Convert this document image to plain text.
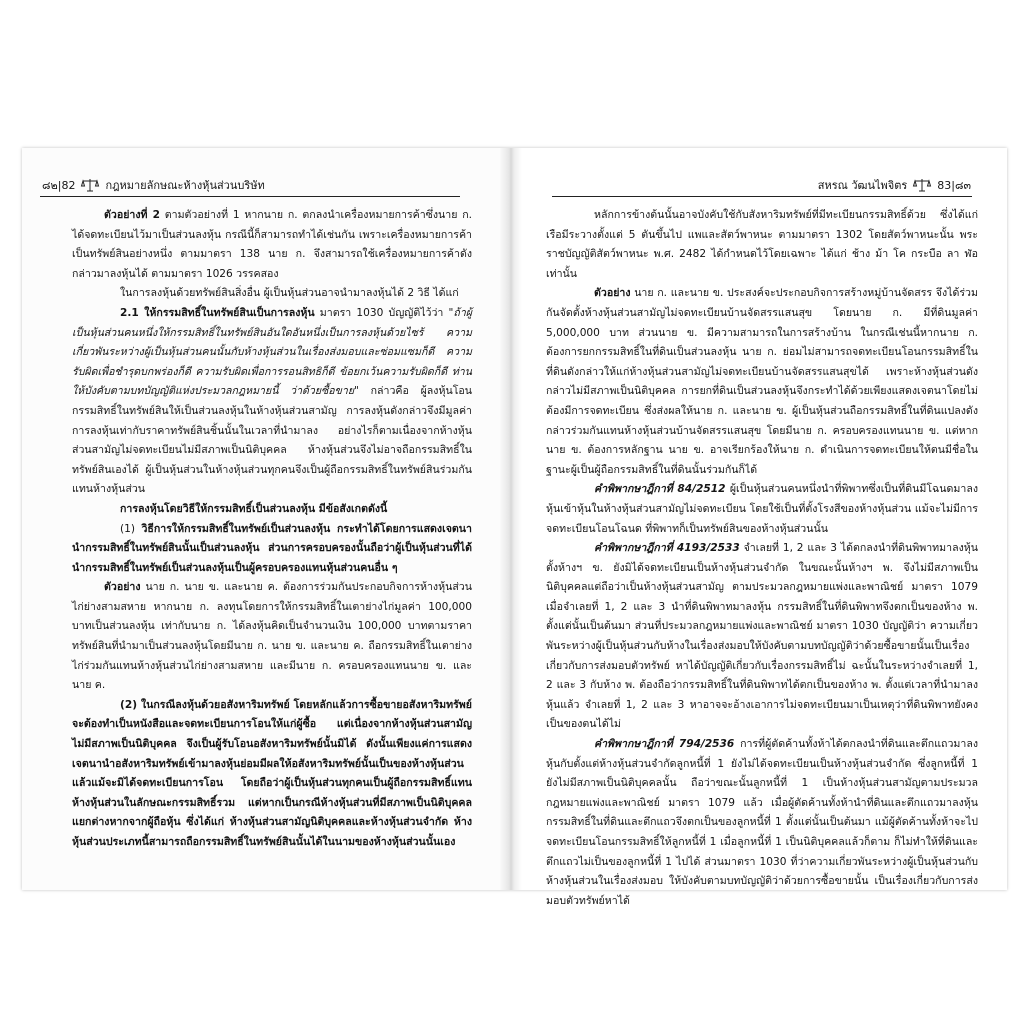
๘๒|82	กฎหมายลักษณะห้างหุ้นส่วนบริษัท

ตัวอย่างที่ 2 ตามตัวอย่างที่ 1 หากนาย ก. ตกลงนำเครื่องหมายการค้าซึ่งนาย ก. ได้จดทะเบียนไว้มาเป็นส่วนลงหุ้น กรณีนี้ก็สามารถทำได้เช่นกัน เพราะเครื่องหมายการค้าเป็นทรัพย์สินอย่างหนึ่ง ตามมาตรา 138 นาย ก. จึงสามารถใช้เครื่องหมายการค้าดังกล่าวมาลงหุ้นได้ ตามมาตรา 1026 วรรคสอง

ในการลงหุ้นด้วยทรัพย์สินสิ่งอื่น ผู้เป็นหุ้นส่วนอาจนำมาลงหุ้นได้ 2 วิธี ได้แก่

2.1 ให้กรรมสิทธิ์ในทรัพย์สินเป็นการลงหุ้น มาตรา 1030 บัญญัติไว้ว่า "ถ้าผู้เป็นหุ้นส่วนคนหนึ่งให้กรรมสิทธิ์ในทรัพย์สินอันใดอันหนึ่งเป็นการลงหุ้นด้วยไซร้ ความเกี่ยวพันระหว่างผู้เป็นหุ้นส่วนคนนั้นกับห้างหุ้นส่วนในเรื่องส่งมอบและซ่อมแซมก็ดี ความรับผิดเพื่อชำรุดบกพร่องก็ดี ความรับผิดเพื่อการรอนสิทธิก็ดี ข้อยกเว้นความรับผิดก็ดี ท่านให้บังคับตามบทบัญญัติแห่งประมวลกฎหมายนี้ ว่าด้วยซื้อขาย" กล่าวคือ ผู้ลงหุ้นโอนกรรมสิทธิ์ในทรัพย์สินให้เป็นส่วนลงหุ้นในห้างหุ้นส่วนสามัญ การลงหุ้นดังกล่าวจึงมีมูลค่าการลงหุ้นเท่ากับราคาทรัพย์สินชิ้นนั้นในเวลาที่นำมาลง อย่างไรก็ตามเนื่องจากห้างหุ้นส่วนสามัญไม่จดทะเบียนไม่มีสภาพเป็นนิติบุคคล ห้างหุ้นส่วนจึงไม่อาจถือกรรมสิทธิ์ในทรัพย์สินเองได้ ผู้เป็นหุ้นส่วนในห้างหุ้นส่วนทุกคนจึงเป็นผู้ถือกรรมสิทธิ์ในทรัพย์สินร่วมกันแทนห้างหุ้นส่วน

การลงหุ้นโดยวิธีให้กรรมสิทธิ์เป็นส่วนลงหุ้น มีข้อสังเกตดังนี้

(1) วิธีการให้กรรมสิทธิ์ในทรัพย์เป็นส่วนลงหุ้น กระทำได้โดยการแสดงเจตนานำกรรมสิทธิ์ในทรัพย์สินนั้นเป็นส่วนลงหุ้น ส่วนการครอบครองนั้นถือว่าผู้เป็นหุ้นส่วนที่ได้นำกรรมสิทธิ์ในทรัพย์เป็นส่วนลงหุ้นเป็นผู้ครอบครองแทนหุ้นส่วนคนอื่น ๆ

ตัวอย่าง นาย ก. นาย ข. และนาย ค. ต้องการร่วมกันประกอบกิจการห้างหุ้นส่วนไก่ย่างสามสหาย หากนาย ก. ลงทุนโดยการให้กรรมสิทธิ์ในเตาย่างไก่มูลค่า 100,000 บาทเป็นส่วนลงหุ้น เท่ากับนาย ก. ได้ลงหุ้นคิดเป็นจำนวนเงิน 100,000 บาทตามราคาทรัพย์สินที่นำมาเป็นส่วนลงหุ้นโดยมีนาย ก. นาย ข. และนาย ค. ถือกรรมสิทธิ์ในเตาย่างไก่ร่วมกันแทนห้างหุ้นส่วนไก่ย่างสามสหาย และมีนาย ก. ครอบครองแทนนาย ข. และนาย ค.

(2) ในกรณีลงหุ้นด้วยอสังหาริมทรัพย์ โดยหลักแล้วการซื้อขายอสังหาริมทรัพย์จะต้องทำเป็นหนังสือและจดทะเบียนการโอนให้แก่ผู้ซื้อ แต่เนื่องจากห้างหุ้นส่วนสามัญไม่มีสภาพเป็นนิติบุคคล จึงเป็นผู้รับโอนอสังหาริมทรัพย์นั้นมิได้ ดังนั้นเพียงแค่การแสดงเจตนานำอสังหาริมทรัพย์เข้ามาลงหุ้นย่อมมีผลให้อสังหาริมทรัพย์นั้นเป็นของห้างหุ้นส่วนแล้วแม้จะมิได้จดทะเบียนการโอน โดยถือว่าผู้เป็นหุ้นส่วนทุกคนเป็นผู้ถือกรรมสิทธิ์แทนห้างหุ้นส่วนในลักษณะกรรมสิทธิ์รวม แต่หากเป็นกรณีห้างหุ้นส่วนที่มีสภาพเป็นนิติบุคคลแยกต่างหากจากผู้ถือหุ้น ซึ่งได้แก่ ห้างหุ้นส่วนสามัญนิติบุคคลและห้างหุ้นส่วนจำกัด ห้างหุ้นส่วนประเภทนี้สามารถถือกรรมสิทธิ์ในทรัพย์สินนั้นได้ในนามของห้างหุ้นส่วนนั้นเอง

สหรณ วัฒนไพจิตร	83|๘๓

หลักการข้างต้นนั้นอาจบังคับใช้กับสังหาริมทรัพย์ที่มีทะเบียนกรรมสิทธิ์ด้วย ซึ่งได้แก่ เรือมีระวางตั้งแต่ 5 ตันขึ้นไป แพและสัตว์พาหนะ ตามมาตรา 1302 โดยสัตว์พาหนะนั้น พระราชบัญญัติสัตว์พาหนะ พ.ศ. 2482 ได้กำหนดไว้โดยเฉพาะ ได้แก่ ช้าง ม้า โค กระบือ ลา ฬ่อ เท่านั้น

ตัวอย่าง นาย ก. และนาย ข. ประสงค์จะประกอบกิจการสร้างหมู่บ้านจัดสรร จึงได้ร่วมกันจัดตั้งห้างหุ้นส่วนสามัญไม่จดทะเบียนบ้านจัดสรรแสนสุข โดยนาย ก. มีที่ดินมูลค่า 5,000,000 บาท ส่วนนาย ข. มีความสามารถในการสร้างบ้าน ในกรณีเช่นนี้หากนาย ก. ต้องการยกกรรมสิทธิ์ในที่ดินเป็นส่วนลงหุ้น นาย ก. ย่อมไม่สามารถจดทะเบียนโอนกรรมสิทธิ์ในที่ดินดังกล่าวให้แก่ห้างหุ้นส่วนสามัญไม่จดทะเบียนบ้านจัดสรรแสนสุขได้ เพราะห้างหุ้นส่วนดังกล่าวไม่มีสภาพเป็นนิติบุคคล การยกที่ดินเป็นส่วนลงหุ้นจึงกระทำได้ด้วยเพียงแสดงเจตนาโดยไม่ต้องมีการจดทะเบียน ซึ่งส่งผลให้นาย ก. และนาย ข. ผู้เป็นหุ้นส่วนถือกรรมสิทธิ์ในที่ดินแปลงดังกล่าวร่วมกันแทนห้างหุ้นส่วนบ้านจัดสรรแสนสุข โดยมีนาย ก. ครอบครองแทนนาย ข. แต่หากนาย ข. ต้องการหลักฐาน นาย ข. อาจเรียกร้องให้นาย ก. ดำเนินการจดทะเบียนให้ตนมีชื่อในฐานะผู้เป็นผู้ถือกรรมสิทธิ์ในที่ดินนั้นร่วมกันก็ได้

คำพิพากษาฎีกาที่ 84/2512 ผู้เป็นหุ้นส่วนคนหนึ่งนำที่พิพาทซึ่งเป็นที่ดินมีโฉนดมาลงหุ้นเข้าหุ้นในห้างหุ้นส่วนสามัญไม่จดทะเบียน โดยใช้เป็นที่ตั้งโรงสีของห้างหุ้นส่วน แม้จะไม่มีการจดทะเบียนโอนโฉนด ที่พิพาทก็เป็นทรัพย์สินของห้างหุ้นส่วนนั้น

คำพิพากษาฎีกาที่ 4193/2533 จำเลยที่ 1, 2 และ 3 ได้ตกลงนำที่ดินพิพาทมาลงหุ้นตั้งห้างฯ ข. ยังมิได้จดทะเบียนเป็นห้างหุ้นส่วนจำกัด ในขณะนั้นห้างฯ พ. จึงไม่มีสภาพเป็นนิติบุคคลแต่ถือว่าเป็นห้างหุ้นส่วนสามัญ ตามประมวลกฎหมายแพ่งและพาณิชย์ มาตรา 1079 เมื่อจำเลยที่ 1, 2 และ 3 นำที่ดินพิพาทมาลงหุ้น กรรมสิทธิ์ในที่ดินพิพาทจึงตกเป็นของห้าง พ. ตั้งแต่นั้นเป็นต้นมา ส่วนที่ประมวลกฎหมายแพ่งและพาณิชย์ มาตรา 1030 บัญญัติว่า ความเกี่ยวพันระหว่างผู้เป็นหุ้นส่วนกับห้างในเรื่องส่งมอบให้บังคับตามบทบัญญัติว่าด้วยซื้อขายนั้นเป็นเรื่องเกี่ยวกับการส่งมอบตัวทรัพย์ หาได้บัญญัติเกี่ยวกับเรื่องกรรมสิทธิ์ไม่ ฉะนั้นในระหว่างจำเลยที่ 1, 2 และ 3 กับห้าง พ. ต้องถือว่ากรรมสิทธิ์ในที่ดินพิพาทได้ตกเป็นของห้าง พ. ตั้งแต่เวลาที่นำมาลงหุ้นแล้ว จำเลยที่ 1, 2 และ 3 หาอาจจะอ้างเอาการไม่จดทะเบียนมาเป็นเหตุว่าที่ดินพิพาทยังคงเป็นของตนได้ไม่

คำพิพากษาฎีกาที่ 794/2536 การที่ผู้ตัดค้านทั้งห้าได้ตกลงนำที่ดินและตึกแถวมาลงหุ้นกับตั้งแต่ห้างหุ้นส่วนจำกัดลูกหนี้ที่ 1 ยังไม่ได้จดทะเบียนเป็นห้างหุ้นส่วนจำกัด ซึ่งลูกหนี้ที่ 1 ยังไม่มีสภาพเป็นนิติบุคคลนั้น ถือว่าขณะนั้นลูกหนี้ที่ 1 เป็นห้างหุ้นส่วนสามัญตามประมวลกฎหมายแพ่งและพาณิชย์ มาตรา 1079 แล้ว เมื่อผู้ตัดค้านทั้งห้านำที่ดินและตึกแถวมาลงหุ้น กรรมสิทธิ์ในที่ดินและตึกแถวจึงตกเป็นของลูกหนี้ที่ 1 ตั้งแต่นั้นเป็นต้นมา แม้ผู้ตัดค้านทั้งห้าจะไปจดทะเบียนโอนกรรมสิทธิ์ให้ลูกหนี้ที่ 1 เมื่อลูกหนี้ที่ 1 เป็นนิติบุคคลแล้วก็ตาม ก็ไม่ทำให้ที่ดินและตึกแถวไม่เป็นของลูกหนี้ที่ 1 ไปได้ ส่วนมาตรา 1030 ที่ว่าความเกี่ยวพันระหว่างผู้เป็นหุ้นส่วนกับห้างหุ้นส่วนในเรื่องส่งมอบ ให้บังคับตามบทบัญญัติว่าด้วยการซื้อขายนั้น เป็นเรื่องเกี่ยวกับการส่งมอบตัวทรัพย์หาได้
